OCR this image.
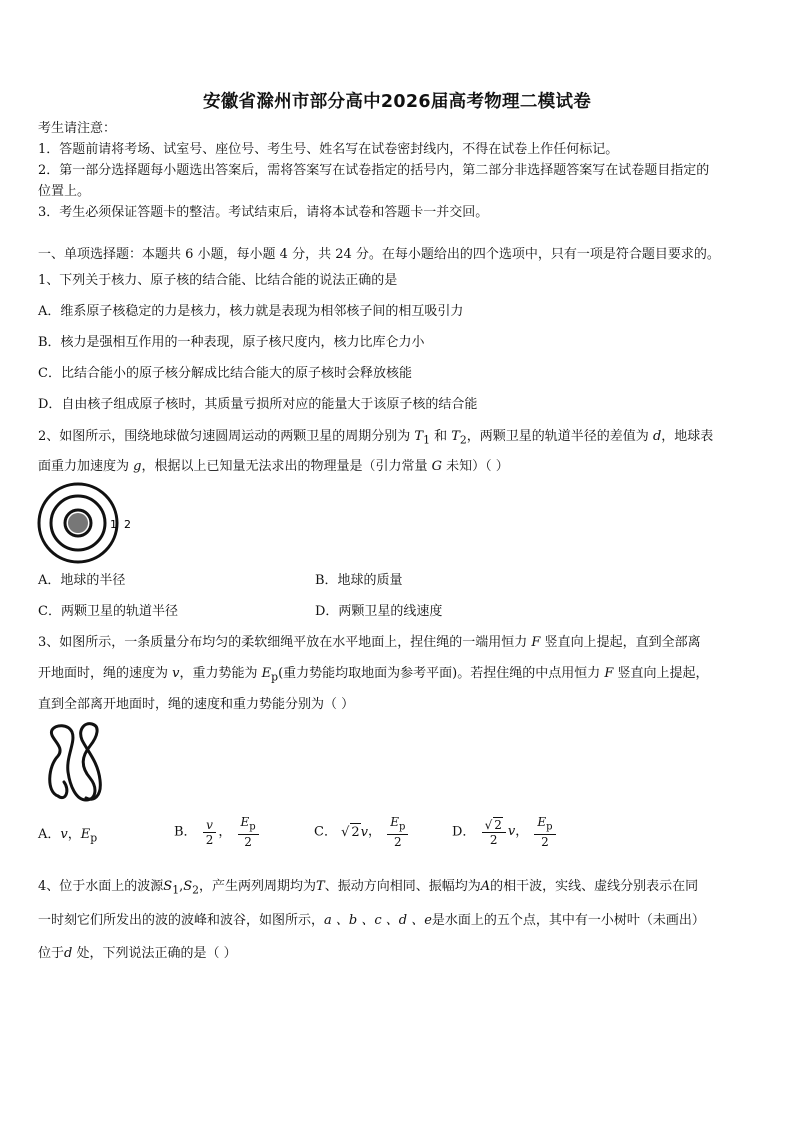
安徽省滁州市部分高中2026届高考物理二模试卷
考生请注意：
1．答题前请将考场、试室号、座位号、考生号、姓名写在试卷密封线内，不得在试卷上作任何标记。
2．第一部分选择题每小题选出答案后，需将答案写在试卷指定的括号内，第二部分非选择题答案写在试卷题目指定的
位置上。
3．考生必须保证答题卡的整洁。考试结束后，请将本试卷和答题卡一并交回。
一、单项选择题：本题共 6 小题，每小题 4 分，共 24 分。在每小题给出的四个选项中，只有一项是符合题目要求的。
1、下列关于核力、原子核的结合能、比结合能的说法正确的是
A．维系原子核稳定的力是核力，核力就是表现为相邻核子间的相互吸引力
B．核力是强相互作用的一种表现，原子核尺度内，核力比库仑力小
C．比结合能小的原子核分解成比结合能大的原子核时会释放核能
D．自由核子组成原子核时，其质量亏损所对应的能量大于该原子核的结合能
2、如图所示，围绕地球做匀速圆周运动的两颗卫星的周期分别为 $T_1$ 和 $T_2$，两颗卫星的轨道半径的差值为 d，地球表
面重力加速度为 g，根据以上已知量无法求出的物理量是（引力常量 G 未知）（ ）
1 2
A．地球的半径	B．地球的质量
C．两颗卫星的轨道半径	D．两颗卫星的线速度
3、如图所示，一条质量分布均匀的柔软细绳平放在水平地面上，捏住绳的一端用恒力 F 竖直向上提起，直到全部离
开地面时，绳的速度为 v，重力势能为 $E_p$(重力势能均取地面为参考平面)。若捏住绳的中点用恒力 F 竖直向上提起，
直到全部离开地面时，绳的速度和重力势能分别为（ ）
A．v，$E_p$	B． $\frac{v}{2}$ ， $\frac{E_p}{2}$	C． √ 2v， $\frac{E_p}{2}$	D． $\frac{√ 2}{2}$ v， $\frac{E_p}{2}$
4、位于水面上的波源$S_1,S_2$，产生两列周期均为T、振动方向相同、振幅均为A的相干波，实线、虚线分别表示在同
一时刻它们所发出的波的波峰和波谷，如图所示，a 、b 、c 、d 、e是水面上的五个点，其中有一小树叶（未画出）
位于d 处，下列说法正确的是（ ）
